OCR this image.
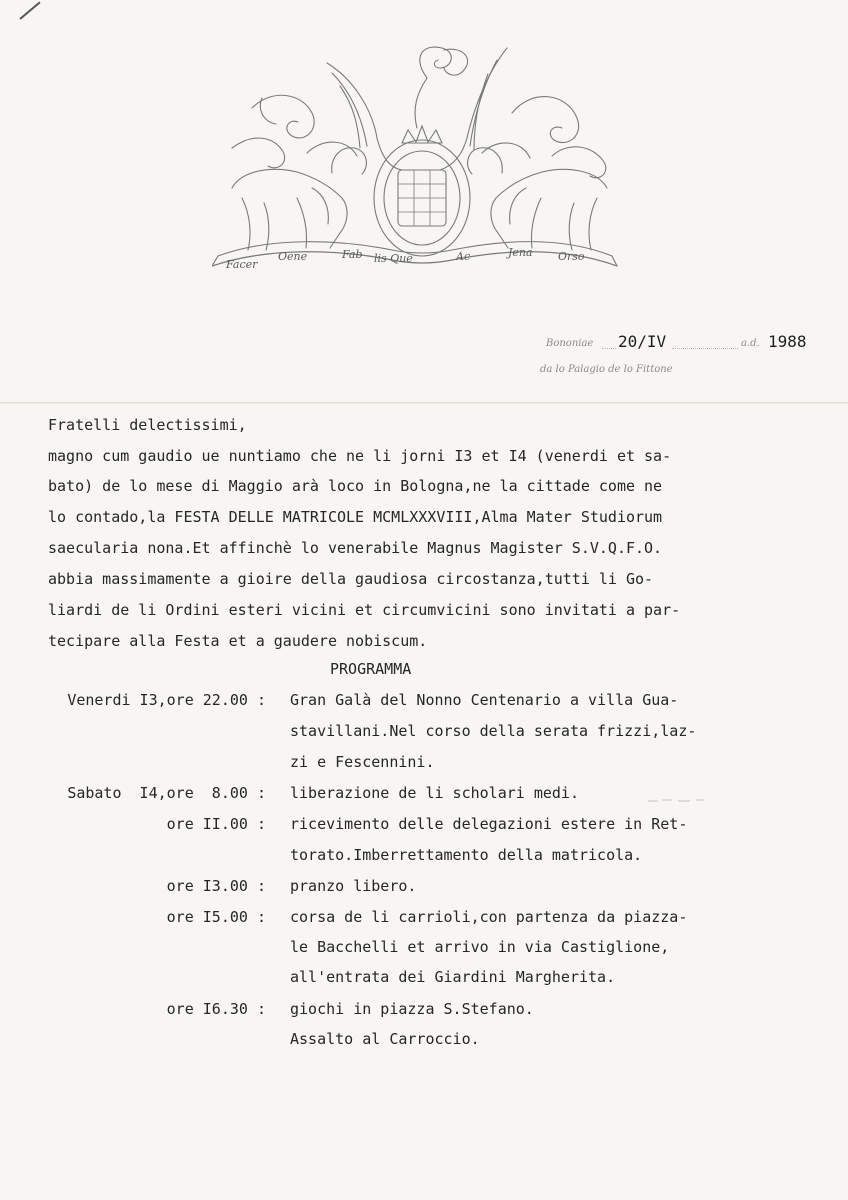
Facer
Oene	Fab lis Que	Ac	Jena Orso
Bononiae 20/IV	a.d. 1988
da lo Palagio de lo Fittone
Fratelli delectissimi,
magno cum gaudio ue nuntiamo che ne li jorni I3 et I4 (venerdi et sa-
bato) de lo mese di Maggio arà loco in Bologna,ne la cittade come ne
lo contado,la FESTA DELLE MATRICOLE MCMLXXXVIII,Alma Mater Studiorum
saecularia nona.Et affinchè lo venerabile Magnus Magister S.V.Q.F.O.
abbia massimamente a gioire della gaudiosa circostanza,tutti li Go-
liardi de li Ordini esteri vicini et circumvicini sono invitati a par-
tecipare alla Festa et a gaudere nobiscum.
PROGRAMMA
Venerdi I3,ore 22.00 : Gran Galà del Nonno Centenario a villa Gua-
stavillani.Nel corso della serata frizzi,laz-
zi e Fescennini.
Sabato  I4,ore  8.00 : liberazione de li scholari medi.
ore II.00 : ricevimento delle delegazioni estere in Ret-
torato.Imberrettamento della matricola.
ore I3.00 : pranzo libero.
ore I5.00 : corsa de li carrioli,con partenza da piazza-
le Bacchelli et arrivo in via Castiglione,
all'entrata dei Giardini Margherita.
ore I6.30 : giochi in piazza S.Stefano.
Assalto al Carroccio.
